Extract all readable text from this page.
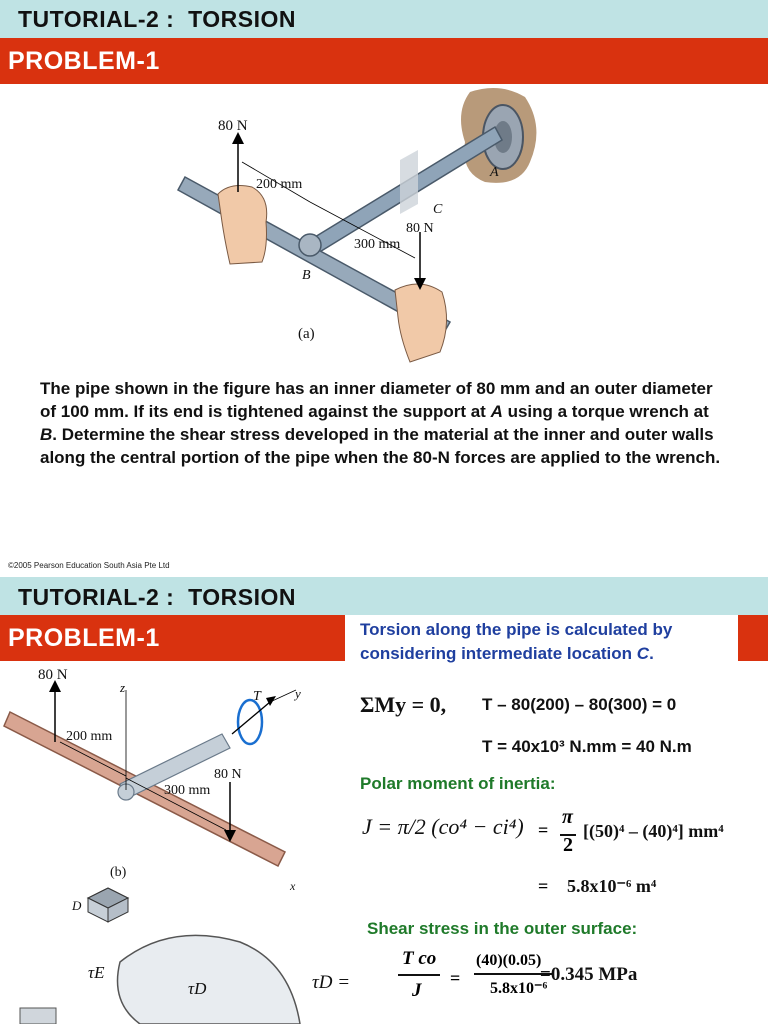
TUTORIAL-2 :  TORSION
PROBLEM-1
80 N
200 mm
300 mm
80 N
A
B
C
(a)
The pipe shown in the figure has an inner diameter of 80 mm and an outer diameter of 100 mm. If its end is tightened against the support at A using a torque wrench at B. Determine the shear stress developed in the material at the inner and outer walls along the central portion of the pipe when the 80-N forces are applied to the wrench.
©2005 Pearson Education South Asia Pte Ltd
TUTORIAL-2 :  TORSION
PROBLEM-1	Torsion along the pipe is calculated by
considering intermediate location C.
80 N
z
T	y
200 mm
80 N
300 mm
(b)
x
D
τE
τD
ΣMy = 0, T – 80(200) – 80(300) = 0
T = 40x10³ N.mm = 40 N.m
Polar moment of inertia:
J = π/2 (co⁴ − ci⁴) =
π
2
[(50)⁴ – (40)⁴] mm⁴
= 5.8x10⁻⁶ m⁴
Shear stress in the outer surface:
τD =
T co
J
=
(40)(0.05)
5.8x10⁻⁶
=0.345 MPa
